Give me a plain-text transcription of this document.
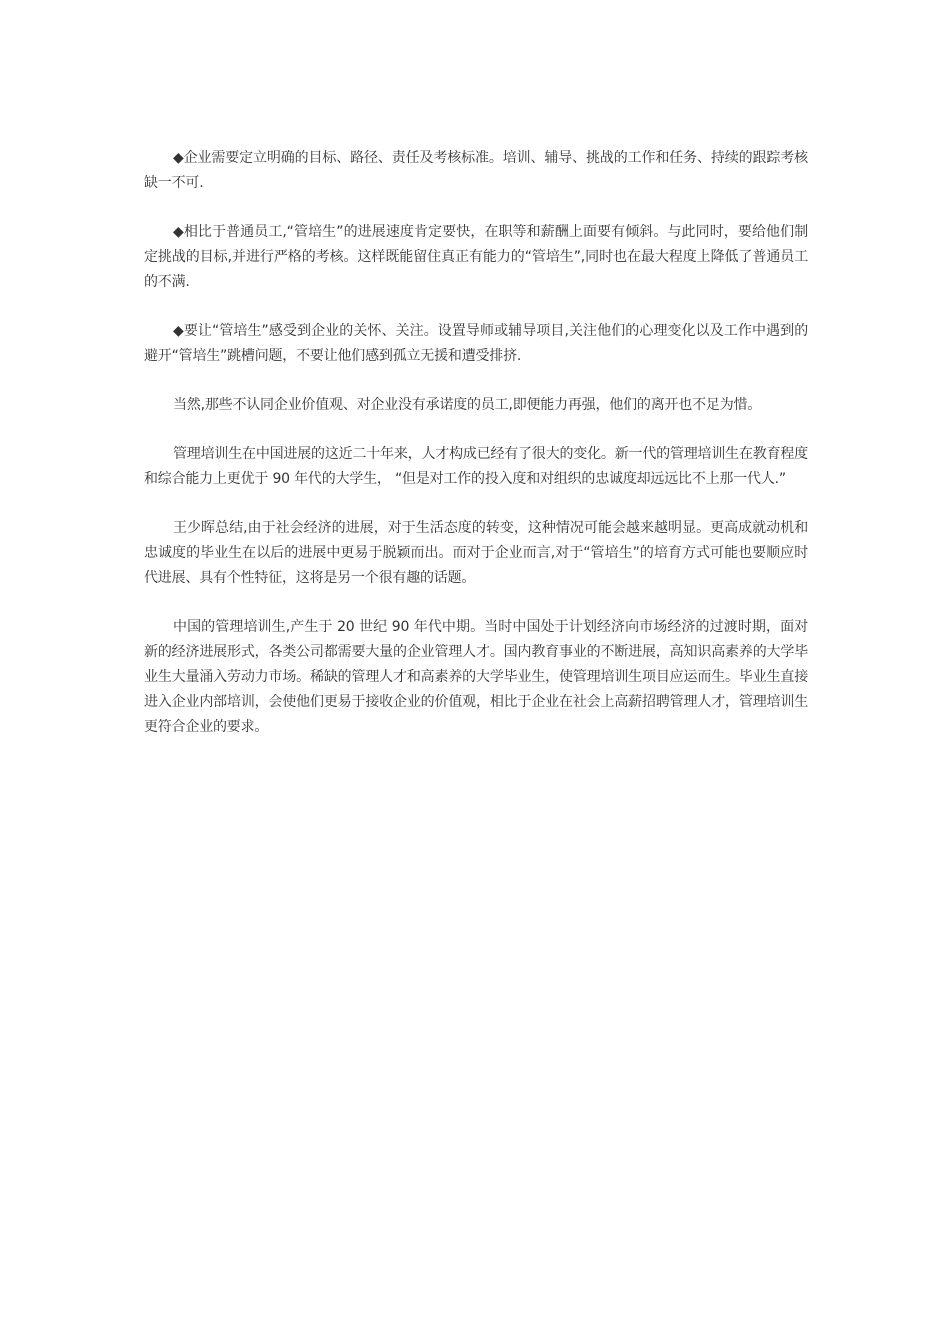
◆企业需要定立明确的目标、路径、责任及考核标准。培训、辅导、挑战的工作和任务、持续的跟踪考核缺一不可.

◆相比于普通员工,“管培生”的进展速度肯定要快，在职等和薪酬上面要有倾斜。与此同时，要给他们制定挑战的目标,并进行严格的考核。这样既能留住真正有能力的“管培生”,同时也在最大程度上降低了普通员工的不满.

◆要让“管培生”感受到企业的关怀、关注。设置导师或辅导项目,关注他们的心理变化以及工作中遇到的避开“管培生”跳槽问题，不要让他们感到孤立无援和遭受排挤.

当然,那些不认同企业价值观、对企业没有承诺度的员工,即便能力再强，他们的离开也不足为惜。

管理培训生在中国进展的这近二十年来，人才构成已经有了很大的变化。新一代的管理培训生在教育程度和综合能力上更优于 90 年代的大学生， “但是对工作的投入度和对组织的忠诚度却远远比不上那一代人.”

王少晖总结,由于社会经济的进展，对于生活态度的转变，这种情况可能会越来越明显。更高成就动机和忠诚度的毕业生在以后的进展中更易于脱颖而出。而对于企业而言,对于“管培生”的培育方式可能也要顺应时代进展、具有个性特征，这将是另一个很有趣的话题。

中国的管理培训生,产生于 20 世纪 90 年代中期。当时中国处于计划经济向市场经济的过渡时期，面对新的经济进展形式，各类公司都需要大量的企业管理人才。国内教育事业的不断进展，高知识高素养的大学毕业生大量涌入劳动力市场。稀缺的管理人才和高素养的大学毕业生，使管理培训生项目应运而生。毕业生直接进入企业内部培训，会使他们更易于接收企业的价值观，相比于企业在社会上高薪招聘管理人才，管理培训生更符合企业的要求。
